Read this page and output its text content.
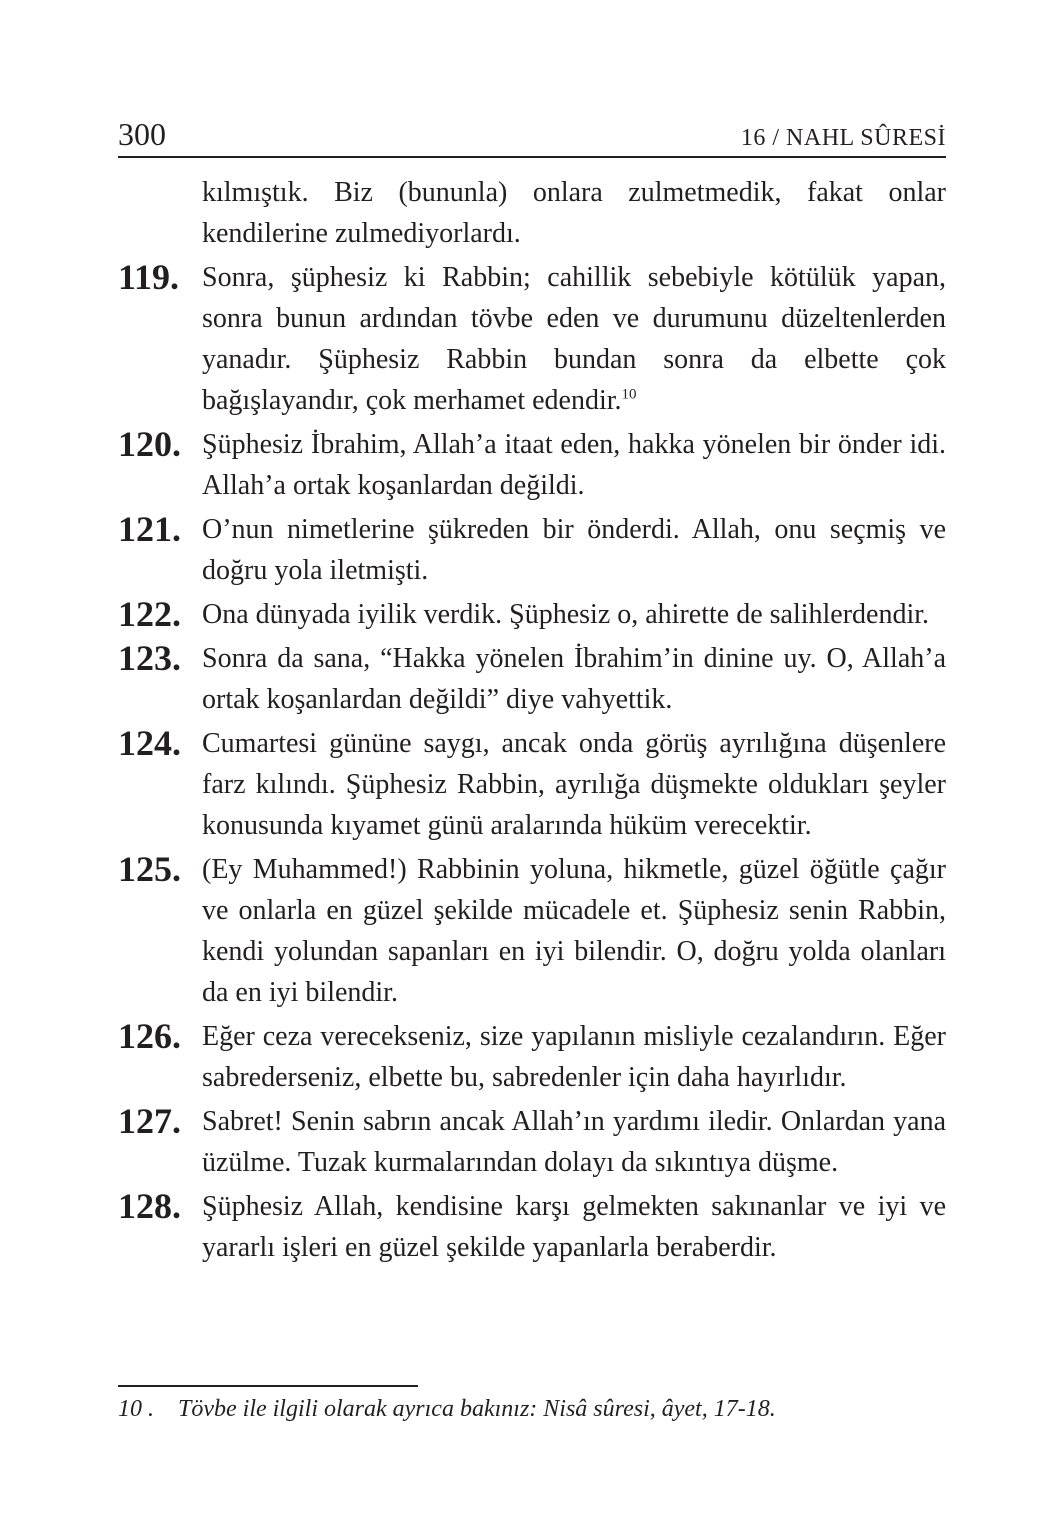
300	16 / NAHL SÛRESİ
kılmıştık. Biz (bununla) onlara zulmetmedik, fakat onlar kendilerine zulmediyorlardı.
119. Sonra, şüphesiz ki Rabbin; cahillik sebebiyle kötülük yapan, sonra bunun ardından tövbe eden ve durumunu düzeltenlerden yanadır. Şüphesiz Rabbin bundan sonra da elbette çok bağışlayandır, çok merhamet edendir.$^{10}$
120. Şüphesiz İbrahim, Allah’a itaat eden, hakka yönelen bir önder idi. Allah’a ortak koşanlardan değildi.
121. O’nun nimetlerine şükreden bir önderdi. Allah, onu seçmiş ve doğru yola iletmişti.
122. Ona dünyada iyilik verdik. Şüphesiz o, ahirette de salihlerdendir.
123. Sonra da sana, “Hakka yönelen İbrahim’in dinine uy. O, Allah’a ortak koşanlardan değildi” diye vahyettik.
124. Cumartesi gününe saygı, ancak onda görüş ayrılığına düşenlere farz kılındı. Şüphesiz Rabbin, ayrılığa düşmekte oldukları şeyler konusunda kıyamet günü aralarında hüküm verecektir.
125. (Ey Muhammed!) Rabbinin yoluna, hikmetle, güzel öğütle çağır ve onlarla en güzel şekilde mücadele et. Şüphesiz senin Rabbin, kendi yolundan sapanları en iyi bilendir. O, doğru yolda olanları da en iyi bilendir.
126. Eğer ceza verecekseniz, size yapılanın misliyle cezalandırın. Eğer sabrederseniz, elbette bu, sabredenler için daha hayırlıdır.
127. Sabret! Senin sabrın ancak Allah’ın yardımı iledir. Onlardan yana üzülme. Tuzak kurmalarından dolayı da sıkıntıya düşme.
128. Şüphesiz Allah, kendisine karşı gelmekten sakınanlar ve iyi ve yararlı işleri en güzel şekilde yapanlarla beraberdir.
10 . Tövbe ile ilgili olarak ayrıca bakınız: Nisâ sûresi, âyet, 17-18.
